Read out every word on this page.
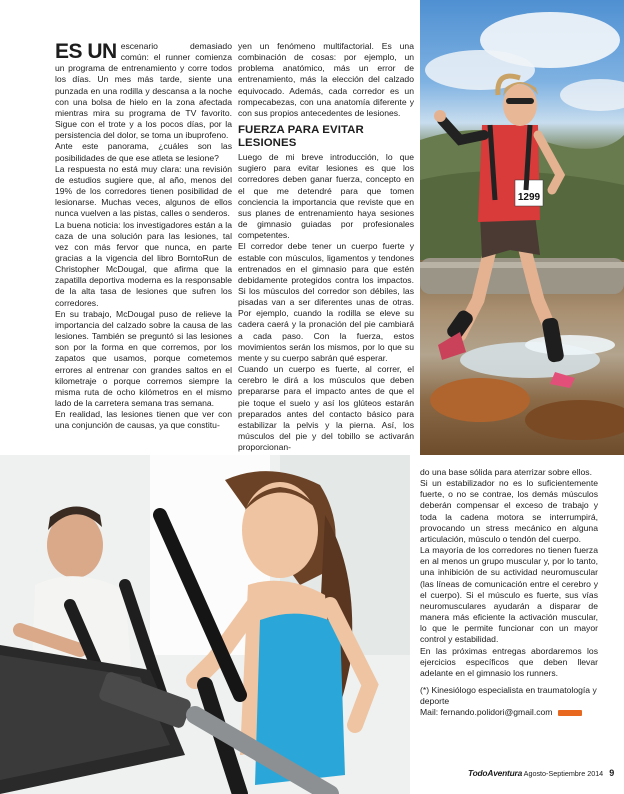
ES UN escenario demasiado común: el runner comienza un programa de entrenamiento y corre todos los días. Un mes más tarde, siente una punzada en una rodilla y descansa a la noche con una bolsa de hielo en la zona afectada mientras mira su programa de TV favorito. Sigue con el trote y a los pocos días, por la persistencia del dolor, se toma un ibuprofeno.

Ante este panorama, ¿cuáles son las posibilidades de que ese atleta se lesione?

La respuesta no está muy clara: una revisión de estudios sugiere que, al año, menos del 19% de los corredores tienen posibilidad de lesionarse. Muchas veces, algunos de ellos nunca vuelven a las pistas, calles o senderos.

La buena noticia: los investigadores están a la caza de una solución para las lesiones, tal vez con más fervor que nunca, en parte gracias a la vigencia del libro BorntoRun de Christopher McDougal, que afirma que la zapatilla deportiva moderna es la responsable de la alta tasa de lesiones que sufren los corredores.

En su trabajo, McDougal puso de relieve la importancia del calzado sobre la causa de las lesiones. También se preguntó si las lesiones son por la forma en que corremos, por los zapatos que usamos, porque cometemos errores al entrenar con grandes saltos en el kilometraje o porque corremos siempre la misma ruta de ocho kilómetros en el mismo lado de la carretera semana tras semana.

En realidad, las lesiones tienen que ver con una conjunción de causas, ya que constitu-

yen un fenómeno multifactorial. Es una combinación de cosas: por ejemplo, un problema anatómico, más un error de entrenamiento, más la elección del calzado equivocado. Además, cada corredor es un rompecabezas, con una anatomía diferente y con sus propios antecedentes de lesiones.

FUERZA PARA EVITAR LESIONES

Luego de mi breve introducción, lo que sugiero para evitar lesiones es que los corredores deben ganar fuerza, concepto en el que me detendré para que tomen conciencia la importancia que reviste que en sus planes de entrenamiento haya sesiones de gimnasio guiadas por profesionales competentes.

El corredor debe tener un cuerpo fuerte y estable con músculos, ligamentos y tendones entrenados en el gimnasio para que estén debidamente protegidos contra los impactos. Si los músculos del corredor son débiles, las pisadas van a ser diferentes unas de otras. Por ejemplo, cuando la rodilla se eleve su cadera caerá y la pronación del pie cambiará a cada paso. Con la fuerza, estos movimientos serán los mismos, por lo que su mente y su cuerpo sabrán qué esperar.

Cuando un cuerpo es fuerte, al correr, el cerebro le dirá a los músculos que deben prepararse para el impacto antes de que el pie toque el suelo y así los glúteos estarán preparados antes del contacto básico para estabilizar la pelvis y la pierna. Así, los músculos del pie y del tobillo se activarán proporcionan-

1299

do una base sólida para aterrizar sobre ellos.

Si un estabilizador no es lo suficientemente fuerte, o no se contrae, los demás músculos deberán compensar el exceso de trabajo y toda la cadena motora se interrumpirá, provocando un stress mecánico en alguna articulación, músculo o tendón del cuerpo.

La mayoría de los corredores no tienen fuerza en al menos un grupo muscular y, por lo tanto, una inhibición de su actividad neuromuscular (las líneas de comunicación entre el cerebro y el cuerpo). Si el músculo es fuerte, sus vías neuromusculares ayudarán a disparar de manera más eficiente la activación muscular, lo que le permite funcionar con un mayor control y estabilidad.

En las próximas entregas abordaremos los ejercicios específicos que deben llevar adelante en el gimnasio los runners.

(*) Kinesiólogo especialista en traumatología y deporte

Mail: fernando.polidori@gmail.com

TodoAventura Agosto-Septiembre 2014 9
